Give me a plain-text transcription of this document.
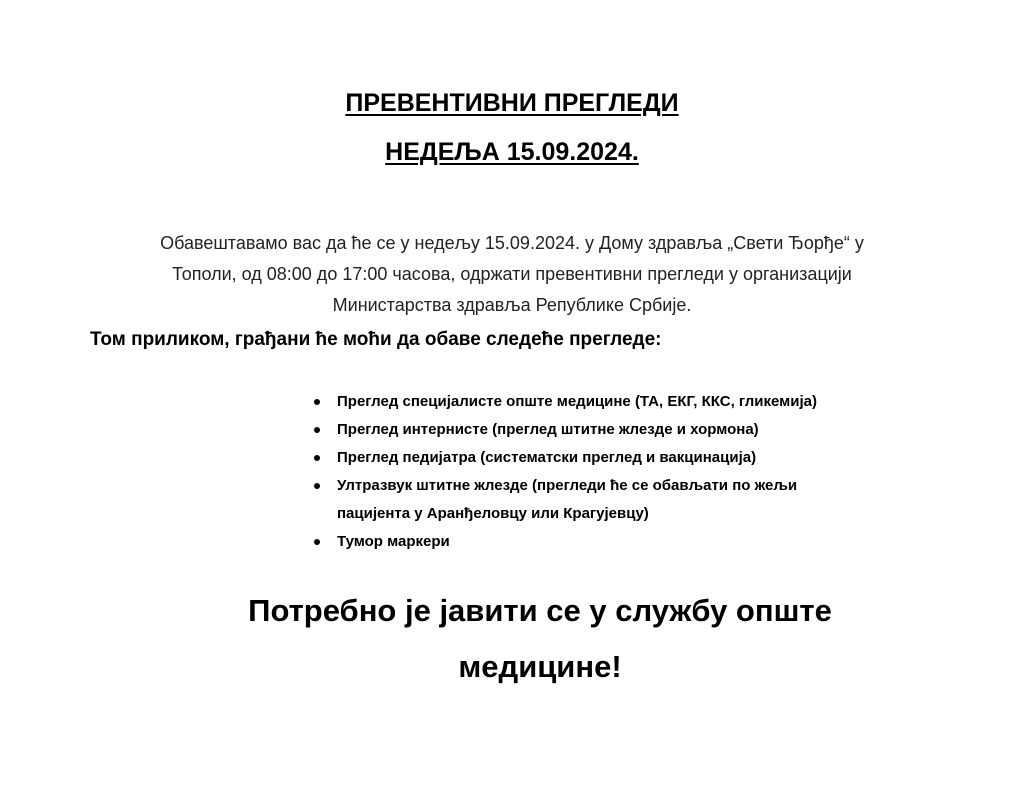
ПРЕВЕНТИВНИ ПРЕГЛЕДИ
НЕДЕЉА 15.09.2024.
Обавештавамо вас да ће се у недељу 15.09.2024. у Дому здравља „Свети Ђорђе“ у
Тополи, од 08:00 до 17:00 часова, одржати превентивни прегледи у организацији
Министарства здравља Републике Србије.
Том приликом, грађани ће моћи да обаве следеће прегледе:
Преглед специјалисте опште медицине (ТА, ЕКГ, ККС, гликемија)
Преглед интернисте (преглед штитне жлезде и хормона)
Преглед педијатра (систематски преглед и вакцинација)
Ултразвук штитне жлезде (прегледи ће се обављати по жељи
пацијента у Аранђеловцу или Крагујевцу)
Тумор маркери
Потребно је јавити се у службу опште
медицине!
